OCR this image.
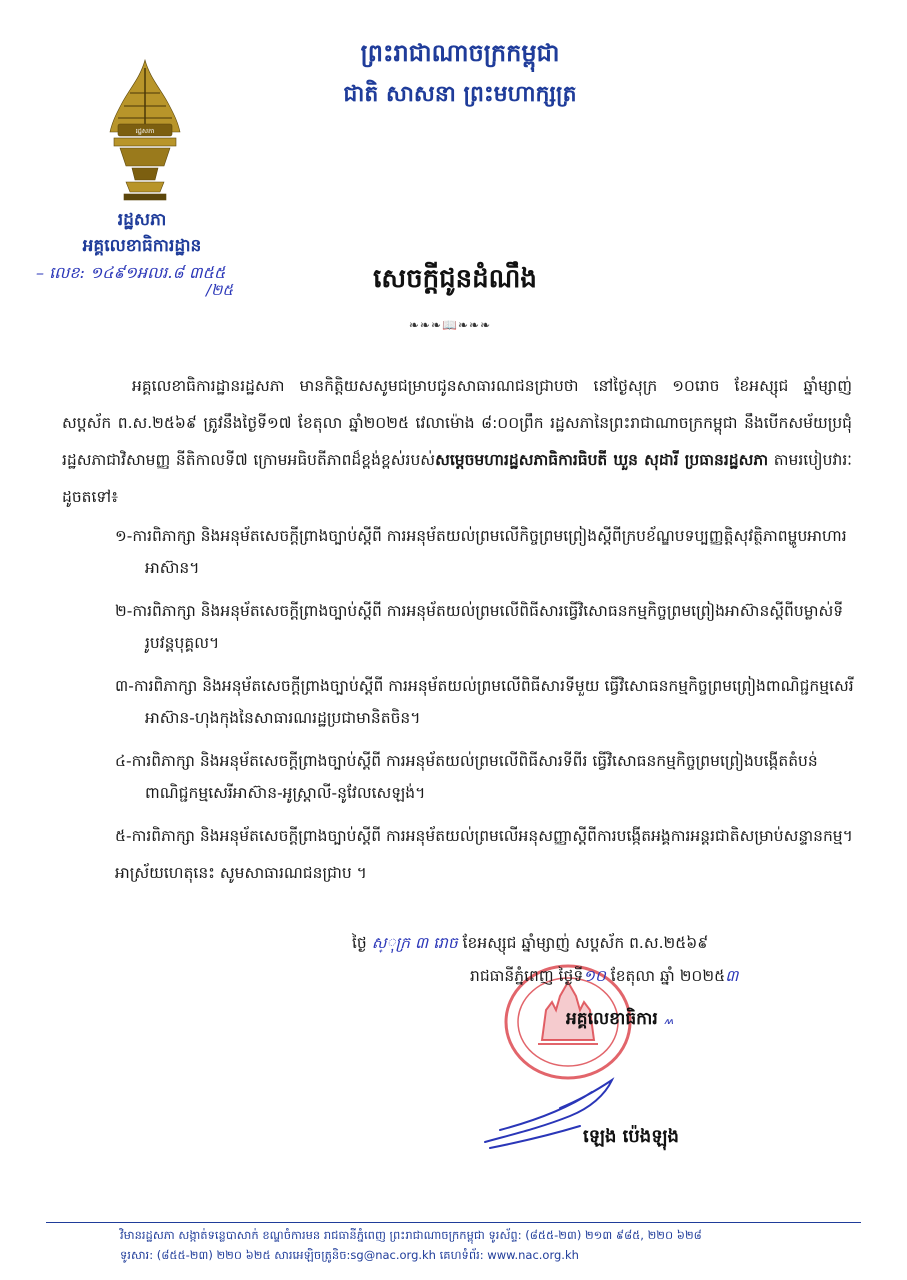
ព្រះរាជាណាចក្រកម្ពុជា
ជាតិ សាសនា ព្រះមហាក្សត្រ
រដ្ឋសភា
រដ្ឋសភា
អគ្គលេខាធិការដ្ឋាន
– លេខ: ១៤៩១អលរ.៨ ៣៥៥
/២៥	សេចក្តីជូនដំណឹង
❧❧❧📖❧❧❧
អគ្គលេខាធិការដ្ឋានរដ្ឋសភា មានកិត្តិយសសូមជម្រាបជូនសាធារណជនជ្រាបថា នៅថ្ងៃសុក្រ ១០រោច ខែអស្សុជ ឆ្នាំម្សាញ់ សប្តស័ក ព.ស.២៥៦៩ ត្រូវនឹងថ្ងៃទី១៧ ខែតុលា ឆ្នាំ២០២៥ វេលាម៉ោង ៨:០០ព្រឹក រដ្ឋសភានៃព្រះរាជាណាចក្រកម្ពុជា នឹងបើកសម័យប្រជុំរដ្ឋសភាជាវិសាមញ្ញ នីតិកាលទី៧ ក្រោមអធិបតីភាពដ៏ខ្ពង់ខ្ពស់របស់សម្តេចមហារដ្ឋសភាធិការធិបតី ឃួន សុដារី ប្រធានរដ្ឋសភា តាមរបៀបវារៈដូចតទៅ៖
១-ការពិភាក្សា និងអនុម័តសេចក្តីព្រាងច្បាប់ស្តីពី ការអនុម័តយល់ព្រមលើកិច្ចព្រមព្រៀងស្តីពីក្របខ័ណ្ឌបទប្បញ្ញត្តិសុវត្ថិភាពម្ហូបអាហារអាស៊ាន។
២-ការពិភាក្សា និងអនុម័តសេចក្តីព្រាងច្បាប់ស្តីពី ការអនុម័តយល់ព្រមលើពិធីសារធ្វើវិសោធនកម្មកិច្ចព្រមព្រៀងអាស៊ានស្តីពីបម្លាស់ទីរូបវន្តបុគ្គល។
៣-ការពិភាក្សា និងអនុម័តសេចក្តីព្រាងច្បាប់ស្តីពី ការអនុម័តយល់ព្រមលើពិធីសារទីមួយ ធ្វើវិសោធនកម្មកិច្ចព្រមព្រៀងពាណិជ្ជកម្មសេរីអាស៊ាន-ហុងកុងនៃសាធារណរដ្ឋប្រជាមានិតចិន។
៤-ការពិភាក្សា និងអនុម័តសេចក្តីព្រាងច្បាប់ស្តីពី ការអនុម័តយល់ព្រមលើពិធីសារទីពីរ ធ្វើវិសោធនកម្មកិច្ចព្រមព្រៀងបង្កើតតំបន់ពាណិជ្ជកម្មសេរីអាស៊ាន-អូស្ត្រាលី-នូវែលសេឡង់។
៥-ការពិភាក្សា និងអនុម័តសេចក្តីព្រាងច្បាប់ស្តីពី ការអនុម័តយល់ព្រមលើអនុសញ្ញាស្តីពីការបង្កើតអង្គការអន្តរជាតិសម្រាប់សន្ទានកម្ម។
អាស្រ័យហេតុនេះ សូមសាធារណជនជ្រាប ។
ថ្ងៃ ស្ុក្រ ៣ រោច ខែអស្សុជ ឆ្នាំម្សាញ់ សប្តស័ក ព.ស.២៥៦៩
រាជធានីភ្នំពេញ ថ្ងៃទី១០ ខែតុលា ឆ្នាំ ២០២៥៣
អគ្គលេខាធិការ ៳
ឡេង ប៉េងឡុង
វិមានរដ្ឋសភា សង្កាត់ទន្លេបាសាក់ ខណ្ឌចំការមន រាជធានីភ្នំពេញ ព្រះរាជាណាចក្រកម្ពុជា ទូរស័ព្ទ: (៨៥៥-២៣) ២១៣ ៩៨៥, ២២០ ៦២៨
ទូរសារ: (៨៥៥-២៣) ២២០ ៦២៥ សារអេឡិចត្រូនិច:sg@nac.org.kh គេហទំព័រ: www.nac.org.kh
